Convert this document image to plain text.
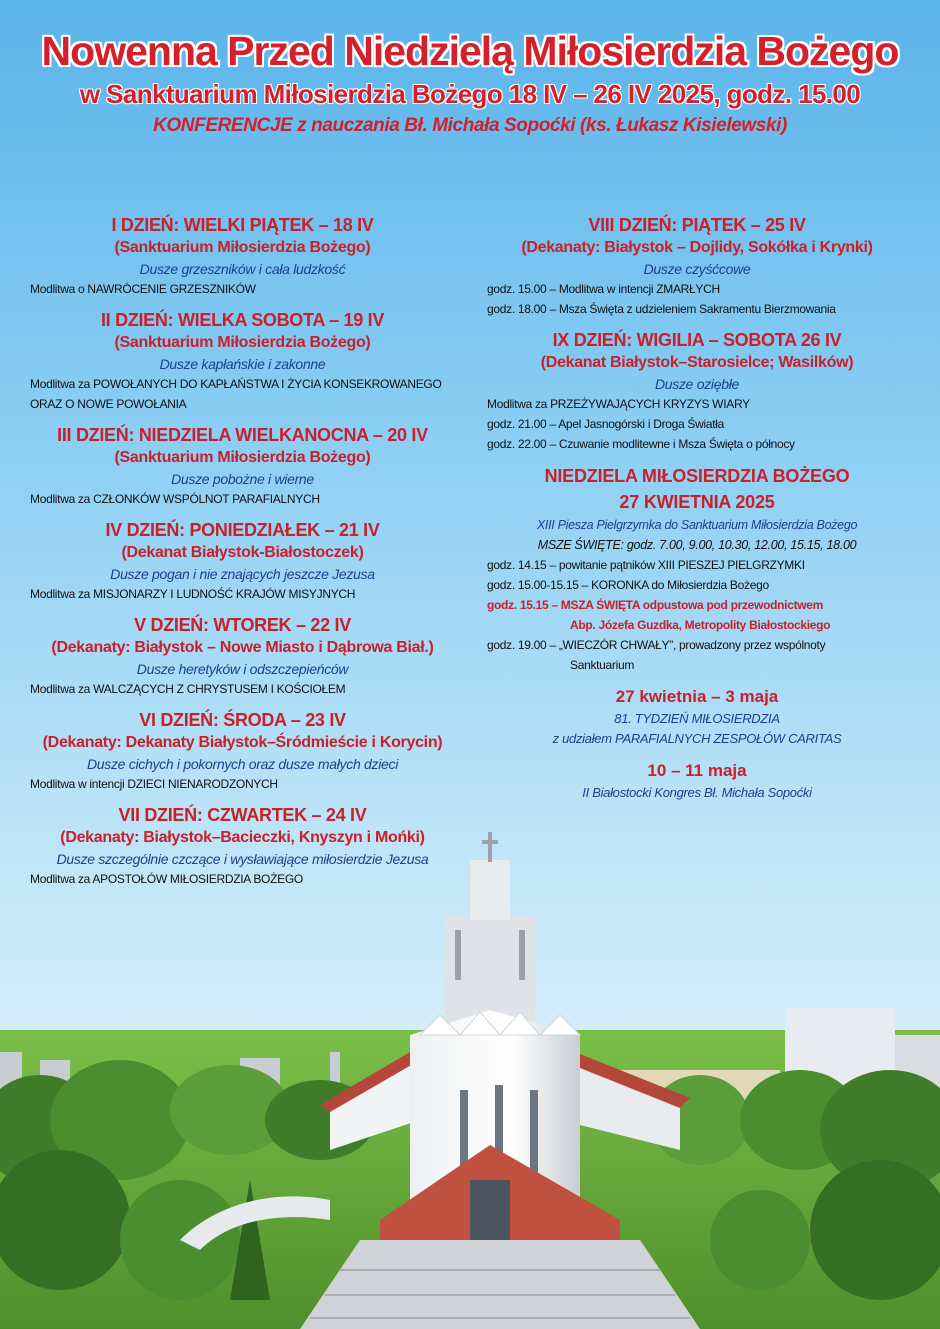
Nowenna Przed Niedzielą Miłosierdzia Bożego
w Sanktuarium Miłosierdzia Bożego 18 IV – 26 IV 2025, godz. 15.00
KONFERENCJE z nauczania Bł. Michała Sopoćki (ks. Łukasz Kisielewski)
I DZIEŃ: WIELKI PIĄTEK – 18 IV
(Sanktuarium Miłosierdzia Bożego)
Dusze grzeszników i cała ludzkość
Modlitwa o NAWRÓCENIE GRZESZNIKÓW
II DZIEŃ: WIELKA SOBOTA – 19 IV
(Sanktuarium Miłosierdzia Bożego)
Dusze kapłańskie i zakonne
Modlitwa za POWOŁANYCH DO KAPŁAŃSTWA I ŻYCIA KONSEKROWANEGO
ORAZ O NOWE POWOŁANIA
III DZIEŃ: NIEDZIELA WIELKANOCNA – 20 IV
(Sanktuarium Miłosierdzia Bożego)
Dusze pobożne i wierne
Modlitwa za CZŁONKÓW WSPÓLNOT PARAFIALNYCH
IV DZIEŃ: PONIEDZIAŁEK – 21 IV
(Dekanat Białystok-Białostoczek)
Dusze pogan i nie znających jeszcze Jezusa
Modlitwa za MISJONARZY I LUDNOŚĆ KRAJÓW MISYJNYCH
V DZIEŃ: WTOREK – 22 IV
(Dekanaty: Białystok – Nowe Miasto i Dąbrowa Biał.)
Dusze heretyków i odszczepieńców
Modlitwa za WALCZĄCYCH Z CHRYSTUSEM I KOŚCIOŁEM
VI DZIEŃ: ŚRODA – 23 IV
(Dekanaty: Dekanaty Białystok–Śródmieście i Korycin)
Dusze cichych i pokornych oraz dusze małych dzieci
Modlitwa w intencji DZIECI NIENARODZONYCH
VII DZIEŃ: CZWARTEK – 24 IV
(Dekanaty: Białystok–Bacieczki, Knyszyn i Mońki)
Dusze szczególnie czczące i wysławiające miłosierdzie Jezusa
Modlitwa za APOSTOŁÓW MIŁOSIERDZIA BOŻEGO
VIII DZIEŃ: PIĄTEK – 25 IV
(Dekanaty: Białystok – Dojlidy, Sokółka i Krynki)
Dusze czyśćcowe
godz. 15.00 – Modlitwa w intencji ZMARŁYCH
godz. 18.00 – Msza Święta z udzieleniem Sakramentu Bierzmowania
IX DZIEŃ: WIGILIA – SOBOTA 26 IV
(Dekanat Białystok–Starosielce; Wasilków)
Dusze oziębłe
Modlitwa za PRZEŻYWAJĄCYCH KRYZYS WIARY
godz. 21.00 – Apel Jasnogórski i Droga Światła
godz. 22.00 – Czuwanie modlitewne i Msza Święta o północy
NIEDZIELA MIŁOSIERDZIA BOŻEGO
27 KWIETNIA 2025
XIII Piesza Pielgrzymka do Sanktuarium Miłosierdzia Bożego
MSZE ŚWIĘTE: godz. 7.00, 9.00, 10.30, 12.00, 15.15, 18.00
godz. 14.15 – powitanie pątników XIII PIESZEJ PIELGRZYMKI
godz. 15.00-15.15 – KORONKA do Miłosierdzia Bożego
godz. 15.15 – MSZA ŚWIĘTA odpustowa pod przewodnictwem
Abp. Józefa Guzdka, Metropolity Białostockiego
godz. 19.00 – „WIECZÓR CHWAŁY”, prowadzony przez wspólnoty
Sanktuarium
27 kwietnia – 3 maja
81. TYDZIEŃ MIŁOSIERDZIA
z udziałem PARAFIALNYCH ZESPOŁÓW CARITAS
10 – 11 maja
II Białostocki Kongres Bł. Michała Sopoćki
